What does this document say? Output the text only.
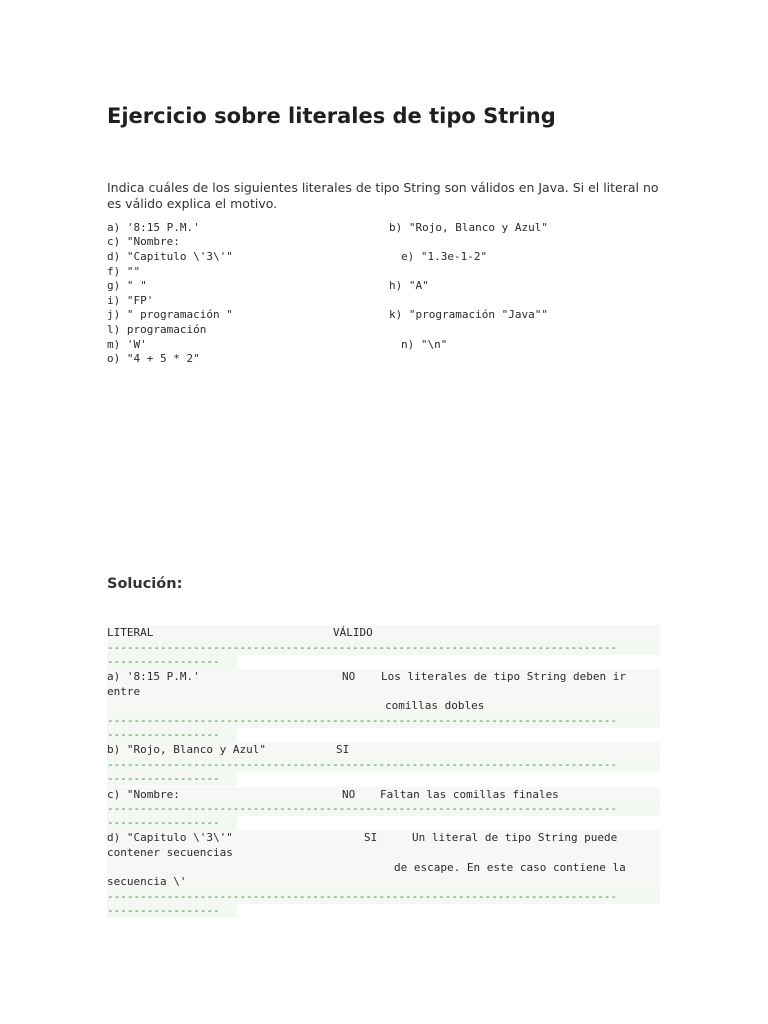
Ejercicio sobre literales de tipo String

Indica cuáles de los siguientes literales de tipo String son válidos en Java. Si el literal no es válido explica el motivo.

a) '8:15 P.M.'	b) "Rojo, Blanco y Azul"
c) "Nombre:
d) "Capitulo \'3\'"	e) "1.3e-1-2"
f) ""
g) " "	h) "A"
i) "FP'
j) " programación "	k) "programación "Java""
l) programación
m) 'W'	n) "\n"
o) "4 + 5 * 2"
Solución:

LITERAL

	VÁLIDO

-----------------------------------------------------------------------------
-----------------

a) '8:15 P.M.'

	NO

Los literales de tipo String deben ir

entre

comillas dobles

-----------------------------------------------------------------------------
-----------------

b) "Rojo, Blanco y Azul"

	SI

-----------------------------------------------------------------------------
-----------------

c) "Nombre:

	NO

Faltan las comillas finales

-----------------------------------------------------------------------------
-----------------

d) "Capitulo \'3\'"

	SI

	Un literal de tipo String puede

contener secuencias

de escape. En este caso contiene la

secuencia \'
-----------------------------------------------------------------------------
-----------------
